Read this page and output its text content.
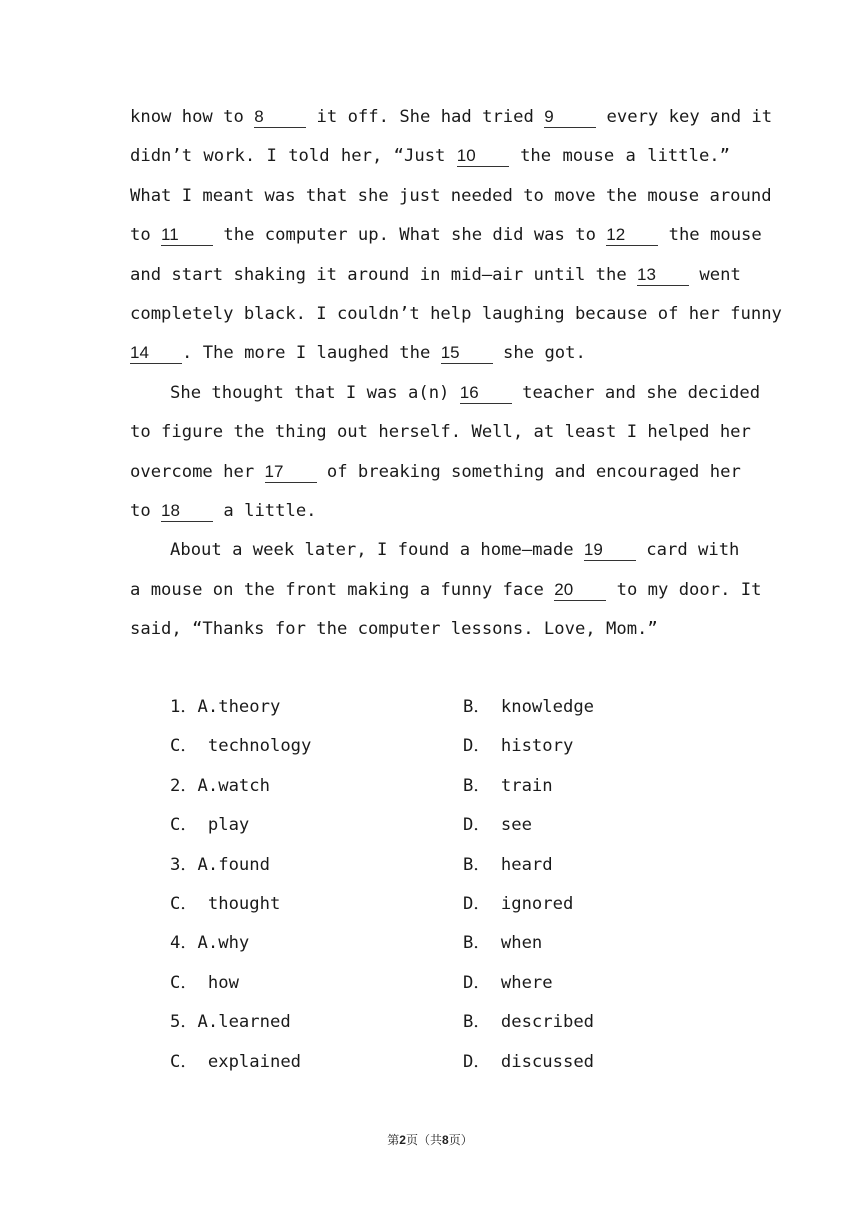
know how to 8 it off. She had tried 9 every key and it
didn’t work. I told her, “Just 10 the mouse a little.”
What I meant was that she just needed to move the mouse around
to 11 the computer up. What she did was to 12 the mouse
and start shaking it around in mid—air until the 13 went
completely black. I couldn’t help laughing because of her funny
14 . The more I laughed the 15 she got.
She thought that I was a(n) 16 teacher and she decided
to figure the thing out herself. Well, at least I helped her
overcome her 17 of breaking something and encouraged her
to 18 a little.
About a week later, I found a home—made 19 card with
a mouse on the front making a funny face 20 to my door. It
said, “Thanks for the computer lessons. Love, Mom.”
1．A.theory	B． knowledge
C． technology	D． history
2．A.watch	B． train
C． play	D． see
3．A.found	B． heard
C． thought	D． ignored
4．A.why	B． when
C． how	D． where
5．A.learned	B． described
C． explained	D． discussed
第2页（共8页）
